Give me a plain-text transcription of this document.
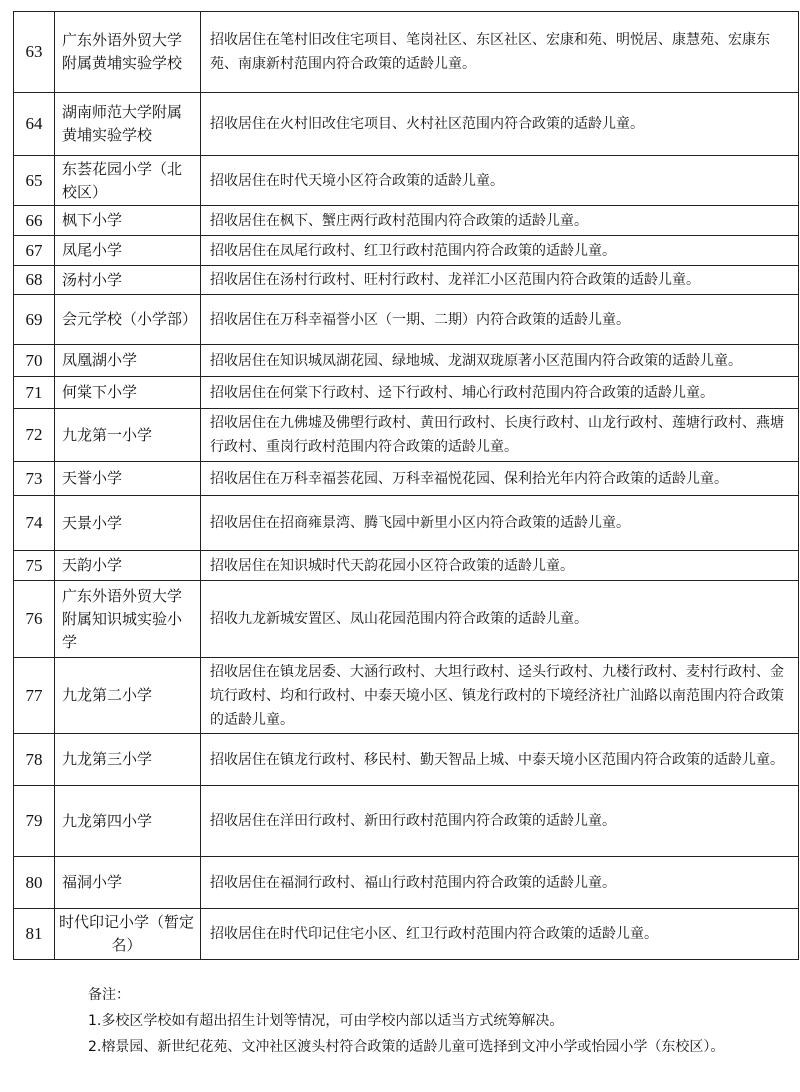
63	广东外语外贸大学附属黄埔实验学校	招收居住在笔村旧改住宅项目、笔岗社区、东区社区、宏康和苑、明悦居、康慧苑、宏康东苑、南康新村范围内符合政策的适龄儿童。
64	湖南师范大学附属黄埔实验学校	招收居住在火村旧改住宅项目、火村社区范围内符合政策的适龄儿童。
65	东荟花园小学（北校区）	招收居住在时代天境小区符合政策的适龄儿童。
66	枫下小学	招收居住在枫下、蟹庄两行政村范围内符合政策的适龄儿童。
67	凤尾小学	招收居住在凤尾行政村、红卫行政村范围内符合政策的适龄儿童。
68	汤村小学	招收居住在汤村行政村、旺村行政村、龙祥汇小区范围内符合政策的适龄儿童。
69	会元学校（小学部）	招收居住在万科幸福誉小区（一期、二期）内符合政策的适龄儿童。
70	凤凰湖小学	招收居住在知识城凤湖花园、绿地城、龙湖双珑原著小区范围内符合政策的适龄儿童。
71	何棠下小学	招收居住在何棠下行政村、迳下行政村、埔心行政村范围内符合政策的适龄儿童。
72	九龙第一小学	招收居住在九佛墟及佛塱行政村、黄田行政村、长庚行政村、山龙行政村、莲塘行政村、燕塘行政村、重岗行政村范围内符合政策的适龄儿童。
73	天誉小学	招收居住在万科幸福荟花园、万科幸福悦花园、保利拾光年内符合政策的适龄儿童。
74	天景小学	招收居住在招商雍景湾、腾飞园中新里小区内符合政策的适龄儿童。
75	天韵小学	招收居住在知识城时代天韵花园小区符合政策的适龄儿童。
76	广东外语外贸大学附属知识城实验小学	招收九龙新城安置区、凤山花园范围内符合政策的适龄儿童。
77	九龙第二小学	招收居住在镇龙居委、大涵行政村、大坦行政村、迳头行政村、九楼行政村、麦村行政村、金坑行政村、均和行政村、中泰天境小区、镇龙行政村的下境经济社广汕路以南范围内符合政策的适龄儿童。
78	九龙第三小学	招收居住在镇龙行政村、移民村、勤天智品上城、中泰天境小区范围内符合政策的适龄儿童。
79	九龙第四小学	招收居住在洋田行政村、新田行政村范围内符合政策的适龄儿童。
80	福洞小学	招收居住在福洞行政村、福山行政村范围内符合政策的适龄儿童。
81	时代印记小学（暂定名）	招收居住在时代印记住宅小区、红卫行政村范围内符合政策的适龄儿童。
备注：
1.多校区学校如有超出招生计划等情况，可由学校内部以适当方式统筹解决。
2.榕景园、新世纪花苑、文冲社区渡头村符合政策的适龄儿童可选择到文冲小学或怡园小学（东校区）。
